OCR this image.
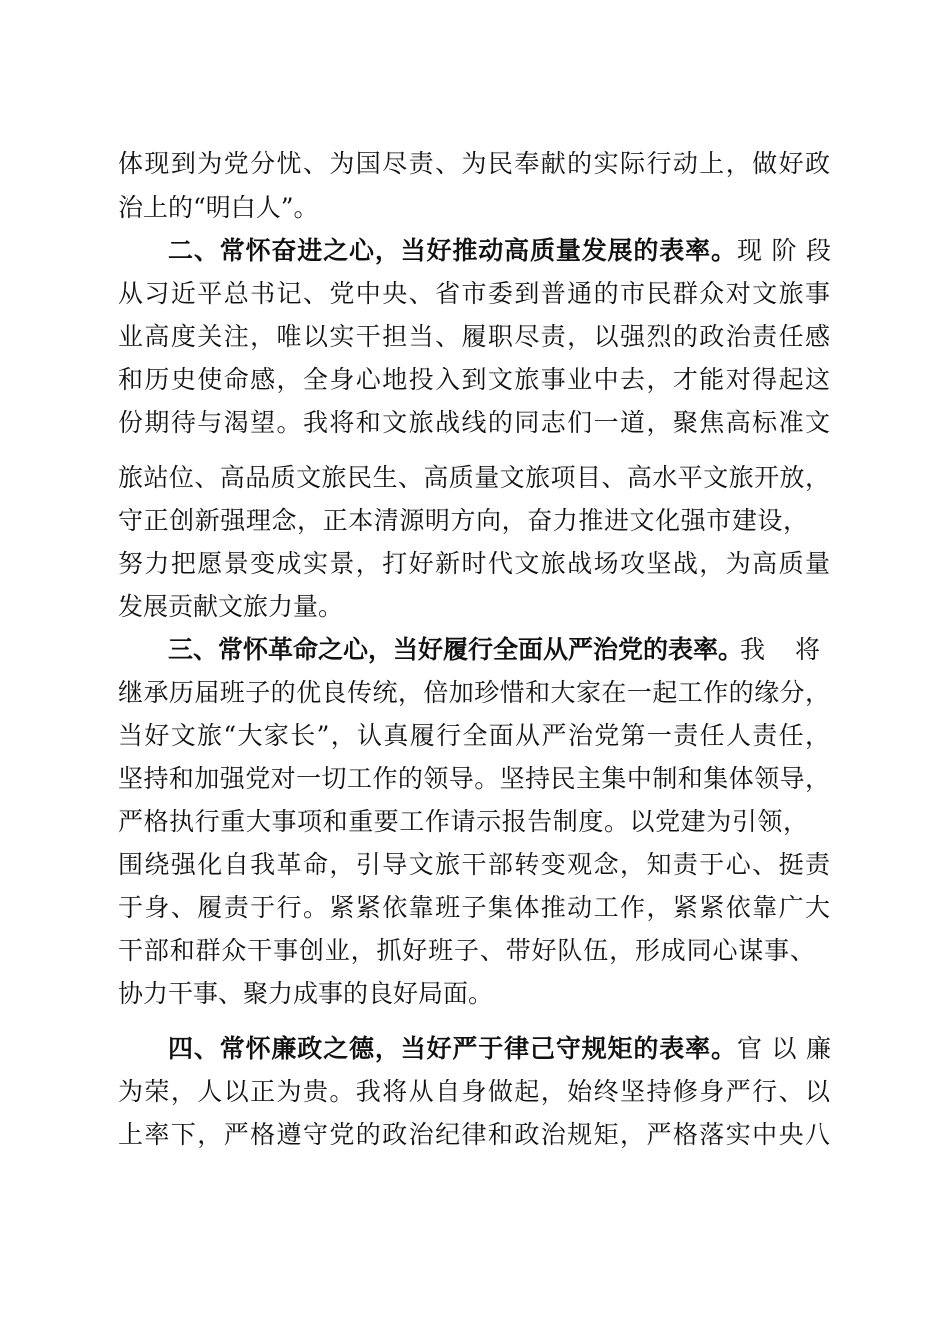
体现到为党分忧、为国尽责、为民奉献的实际行动上，做好政
治上的“明白人”。
二、常怀奋进之心，当好推动高质量发展的表率。 现阶段
从习近平总书记、党中央、省市委到普通的市民群众对文旅事
业高度关注，唯以实干担当、履职尽责，以强烈的政治责任感
和历史使命感，全身心地投入到文旅事业中去，才能对得起这
份期待与渴望。我将和文旅战线的同志们一道，聚焦高标准文
旅站位、高品质文旅民生、高质量文旅项目、高水平文旅开放，
守正创新强理念，正本清源明方向，奋力推进文化强市建设，
努力把愿景变成实景，打好新时代文旅战场攻坚战，为高质量
发展贡献文旅力量。
三、常怀革命之心，当好履行全面从严治党的表率。
我将
继承历届班子的优良传统，倍加珍惜和大家在一起工作的缘分，
当好文旅“大家长”，认真履行全面从严治党第一责任人责任，
坚持和加强党对一切工作的领导。坚持民主集中制和集体领导，
严格执行重大事项和重要工作请示报告制度。以党建为引领，
围绕强化自我革命，引导文旅干部转变观念，知责于心、挺责
于身、履责于行。紧紧依靠班子集体推动工作，紧紧依靠广大
干部和群众干事创业，抓好班子、带好队伍，形成同心谋事、
协力干事、聚力成事的良好局面。
四、常怀廉政之德，当好严于律己守规矩的表率。 官以廉
为荣，人以正为贵。我将从自身做起，始终坚持修身严行、以
上率下，严格遵守党的政治纪律和政治规矩，严格落实中央八
